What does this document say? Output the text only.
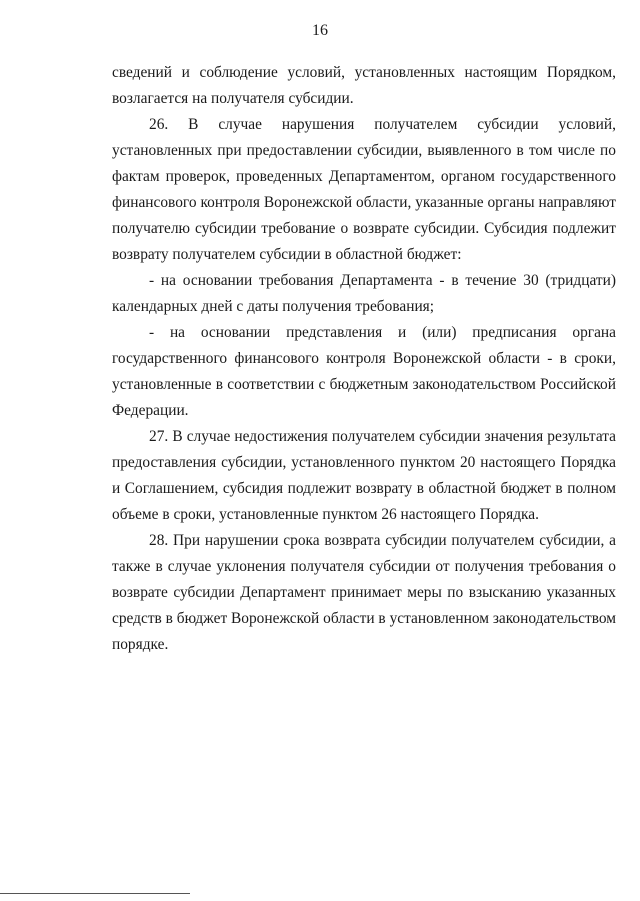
16

сведений и соблюдение условий, установленных настоящим Порядком, возлагается на получателя субсидии.

26. В случае нарушения получателем субсидии условий, установленных при предоставлении субсидии, выявленного в том числе по фактам проверок, проведенных Департаментом, органом государственного финансового контроля Воронежской области, указанные органы направляют получателю субсидии требование о возврате субсидии. Субсидия подлежит возврату получателем субсидии в областной бюджет:

- на основании требования Департамента - в течение 30 (тридцати) календарных дней с даты получения требования;

- на основании представления и (или) предписания органа государственного финансового контроля Воронежской области - в сроки, установленные в соответствии с бюджетным законодательством Российской Федерации.

27. В случае недостижения получателем субсидии значения результата предоставления субсидии, установленного пунктом 20 настоящего Порядка и Соглашением, субсидия подлежит возврату в областной бюджет в полном объеме в сроки, установленные пунктом 26 настоящего Порядка.

28. При нарушении срока возврата субсидии получателем субсидии, а также в случае уклонения получателя субсидии от получения требования о возврате субсидии Департамент принимает меры по взысканию указанных средств в бюджет Воронежской области в установленном законодательством порядке.
